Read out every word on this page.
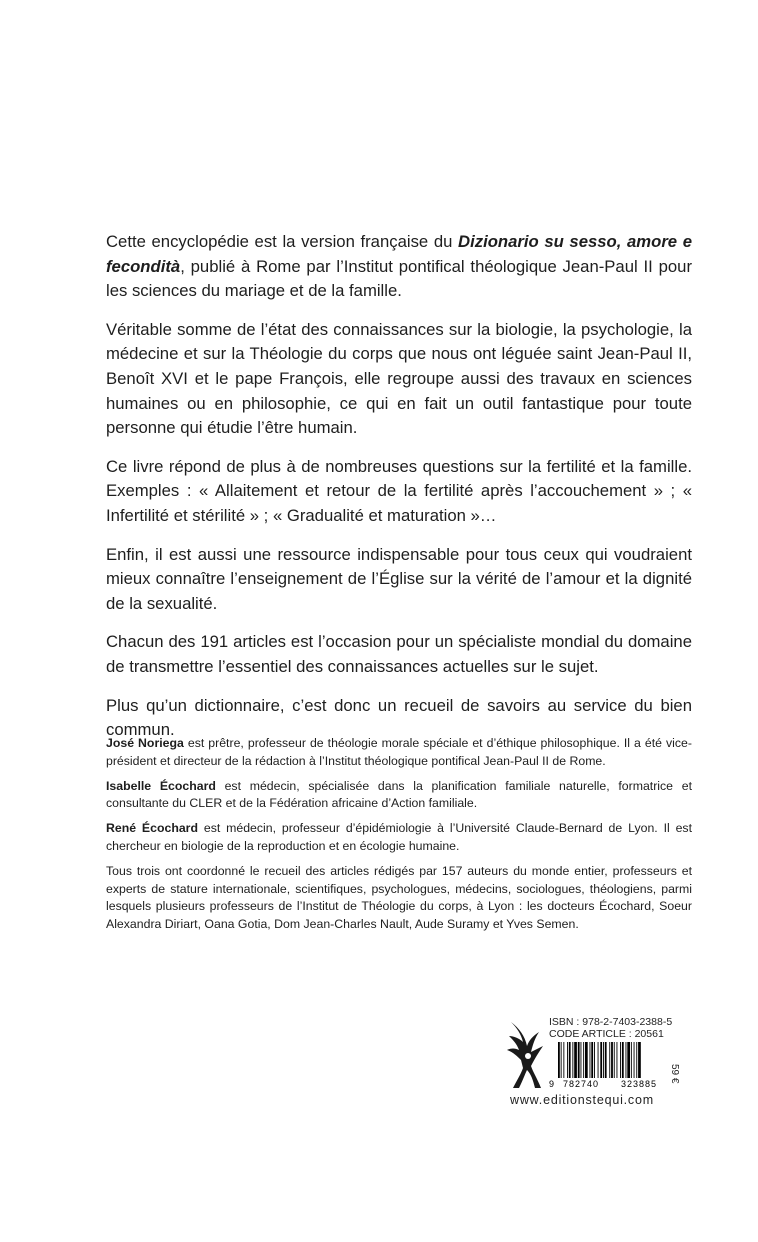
Cette encyclopédie est la version française du Dizionario su sesso, amore e fecondità, publié à Rome par l’Institut pontifical théologique Jean-Paul II pour les sciences du mariage et de la famille.

Véritable somme de l’état des connaissances sur la biologie, la psychologie, la médecine et sur la Théologie du corps que nous ont léguée saint Jean-Paul II, Benoît XVI et le pape François, elle regroupe aussi des travaux en sciences humaines ou en philosophie, ce qui en fait un outil fantastique pour toute personne qui étudie l’être humain.

Ce livre répond de plus à de nombreuses questions sur la fertilité et la famille. Exemples : « Allaitement et retour de la fertilité après l’accouchement » ; « Infertilité et stérilité » ; « Gradualité et maturation »…

Enfin, il est aussi une ressource indispensable pour tous ceux qui voudraient mieux connaître l’enseignement de l’Église sur la vérité de l’amour et la dignité de la sexualité.

Chacun des 191 articles est l’occasion pour un spécialiste mondial du domaine de transmettre l’essentiel des connaissances actuelles sur le sujet.

Plus qu’un dictionnaire, c’est donc un recueil de savoirs au service du bien commun.

José Noriega est prêtre, professeur de théologie morale spéciale et d’éthique philosophique. Il a été vice-président et directeur de la rédaction à l’Institut théologique pontifical Jean-Paul II de Rome.

Isabelle Écochard est médecin, spécialisée dans la planification familiale naturelle, formatrice et consultante du CLER et de la Fédération africaine d’Action familiale.

René Écochard est médecin, professeur d’épidémiologie à l’Université Claude-Bernard de Lyon. Il est chercheur en biologie de la reproduction et en écologie humaine.

Tous trois ont coordonné le recueil des articles rédigés par 157 auteurs du monde entier, professeurs et experts de stature internationale, scientifiques, psychologues, médecins, sociologues, théologiens, parmi lesquels plusieurs professeurs de l’Institut de Théologie du corps, à Lyon : les docteurs Écochard, Soeur Alexandra Diriart, Oana Gotia, Dom Jean-Charles Nault, Aude Suramy et Yves Semen.

ISBN : 978-2-7403-2388-5
CODE ARTICLE : 20561
9 782740 323885
59 €
www.editionstequi.com
